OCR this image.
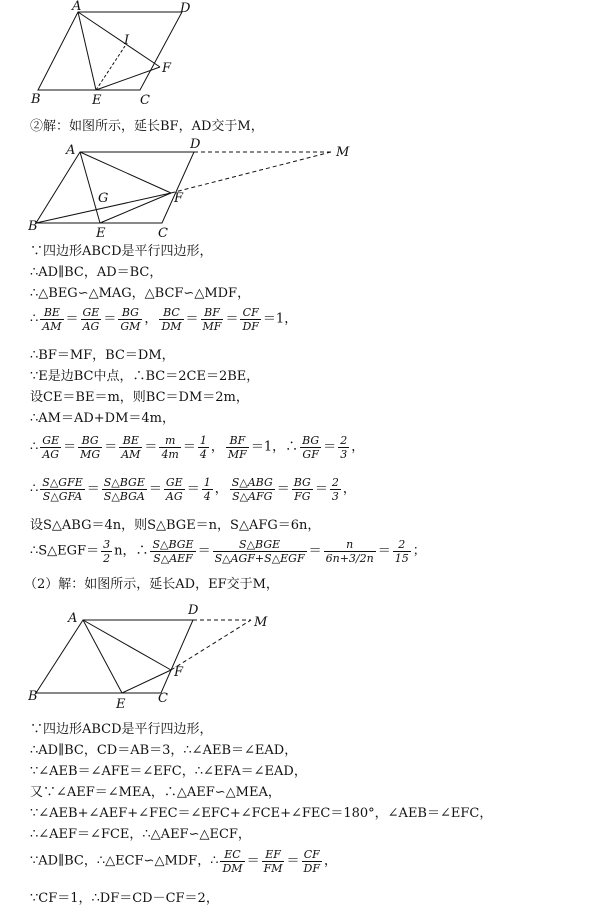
A	D
I
F
B	E	C
②解：如图所示，延长BF，AD交于M，
A	D
M
G	F
B	E	C
∵四边形ABCD是平行四边形，
∴AD∥BC，AD＝BC，
∴△BEG∽△MAG，△BCF∽△MDF，
∴ $\frac{BE}{AM} = \frac{GE}{AG} = \frac{BG}{GM}$ ， $\frac{BC}{DM} = \frac{BF}{MF} = \frac{CF}{DF} =1$，
∴BF＝MF，BC＝DM，
∵E是边BC中点，∴BC＝2CE＝2BE，
设CE＝BE＝m，则BC＝DM＝2m，
∴AM＝AD+DM＝4m，
∴ $\frac{GE}{AG} = \frac{BG}{MG} = \frac{BE}{AM} = \frac{m}{4m} = \frac{1}{4}$ ， $\frac{BF}{MF} =1$，∴ $\frac{BG}{GF} = \frac{2}{3}$ ，
∴ $\frac{\text{S△GFE}}{\text{S△GFA}} = \frac{\text{S△BGE}}{\text{S△BGA}} = \frac{GE}{AG} = \frac{1}{4}$ ， $\frac{\text{S△ABG}}{\text{S△AFG}} = \frac{BG}{FG} = \frac{2}{3}$ ，
设S△ABG＝4n，则S△BGE＝n，S△AFG＝6n，
∴S△EGF＝ $\frac{3}{2}$ n，∴ $\frac{\text{S△BGE}}{\text{S△AEF}} = \frac{\text{S△BGE}}{\text{S△AGF+S△EGF}} = \frac{n}{6n+3/2n} = \frac{2}{15}$ ；
（2）解：如图所示，延长AD，EF交于M，
A
D
M
F
B
E	C
∵四边形ABCD是平行四边形，
∴AD∥BC，CD＝AB＝3，∴∠AEB＝∠EAD，
∵∠AEB＝∠AFE＝∠EFC，∴∠EFA＝∠EAD，
又∵∠AEF＝∠MEA，∴△AEF∽△MEA，
∵∠AEB+∠AEF+∠FEC＝∠EFC+∠FCE+∠FEC＝180°，∠AEB＝∠EFC，
∴∠AEF＝∠FCE，∴△AEF∽△ECF，
∵AD∥BC，∴△ECF∽△MDF，∴ $\frac{EC}{DM} = \frac{EF}{FM} = \frac{CF}{DF}$ ，
∵CF＝1，∴DF＝CD－CF＝2，
